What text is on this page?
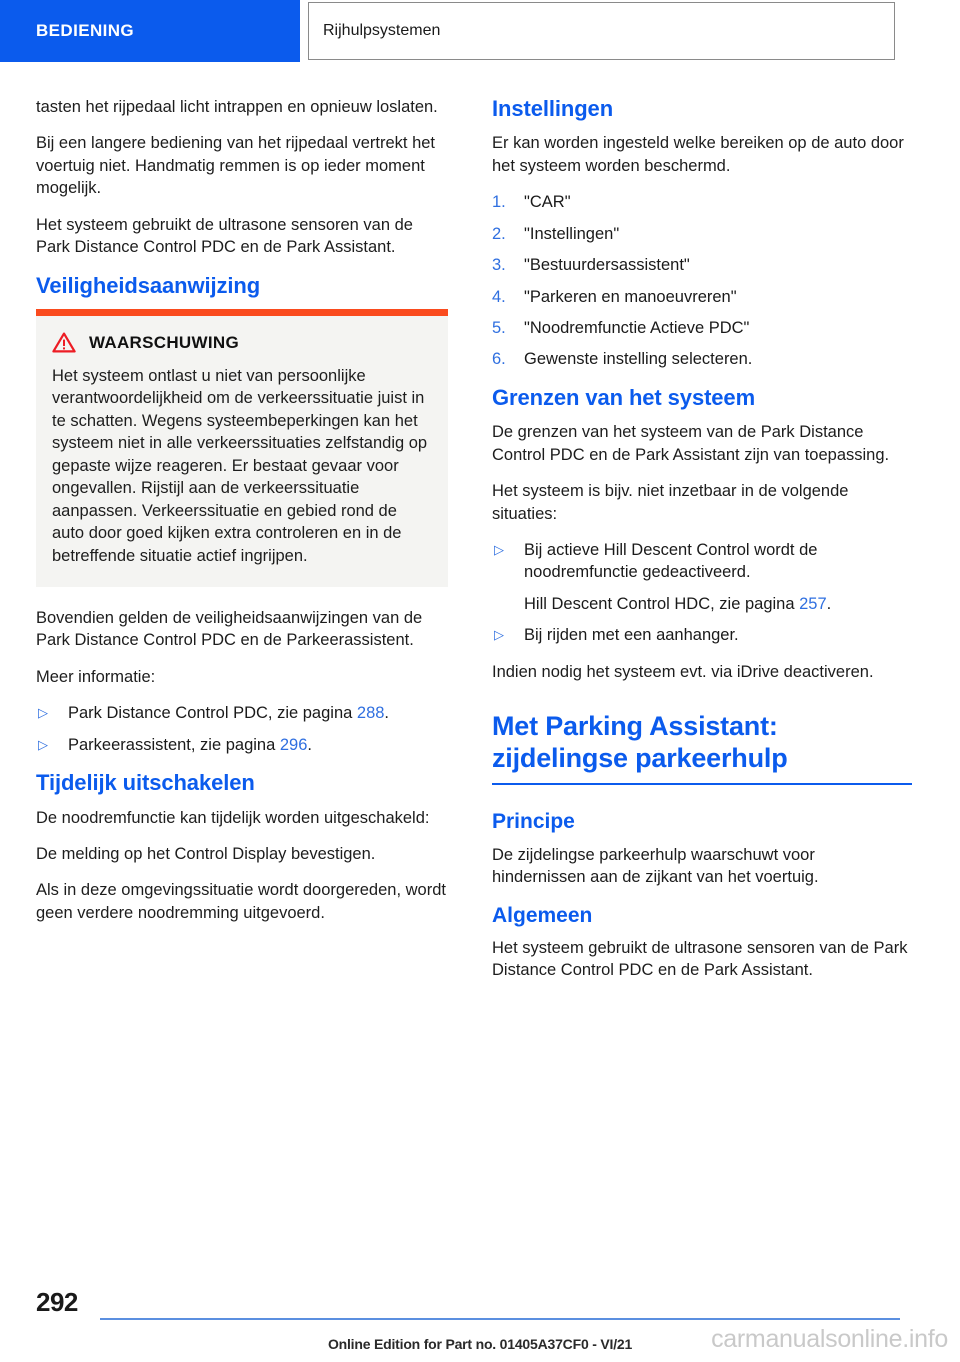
BEDIENING	Rijhulpsystemen

tasten het rijpedaal licht intrappen en opnieuw loslaten.

Bij een langere bediening van het rijpedaal vertrekt het voertuig niet. Handmatig remmen is op ieder moment mogelijk.

Het systeem gebruikt de ultrasone sensoren van de Park Distance Control PDC en de Park Assistant.

Veiligheidsaanwijzing
WAARSCHUWING

Het systeem ontlast u niet van persoonlijke verantwoordelijkheid om de verkeerssituatie juist in te schatten. Wegens systeembeperkingen kan het systeem niet in alle verkeerssituaties zelfstandig op gepaste wijze reageren. Er bestaat gevaar voor ongevallen. Rijstijl aan de verkeerssituatie aanpassen. Verkeerssituatie en gebied rond de auto door goed kijken extra controleren en in de betreffende situatie actief ingrijpen.

Bovendien gelden de veiligheidsaanwijzingen van de Park Distance Control PDC en de Parkeerassistent.

Meer informatie:

▷	Park Distance Control PDC, zie pagina 288.
▷	Parkeerassistent, zie pagina 296.
Tijdelijk uitschakelen

De noodremfunctie kan tijdelijk worden uitgeschakeld:

De melding op het Control Display bevestigen.

Als in deze omgevingssituatie wordt doorgereden, wordt geen verdere noodremming uitgevoerd.

Instellingen

Er kan worden ingesteld welke bereiken op de auto door het systeem worden beschermd.

1.	"CAR"
2.	"Instellingen"
3.	"Bestuurdersassistent"
4.	"Parkeren en manoeuvreren"
5.	"Noodremfunctie Actieve PDC"
6.	Gewenste instelling selecteren.
Grenzen van het systeem

De grenzen van het systeem van de Park Distance Control PDC en de Park Assistant zijn van toepassing.

Het systeem is bijv. niet inzetbaar in de volgende situaties:

▷	Bij actieve Hill Descent Control wordt de noodremfunctie gedeactiveerd.
Hill Descent Control HDC, zie pagina 257.
▷	Bij rijden met een aanhanger.

Indien nodig het systeem evt. via iDrive deactiveren.

Met Parking Assistant: zijdelingse parkeerhulp
Principe

De zijdelingse parkeerhulp waarschuwt voor hindernissen aan de zijkant van het voertuig.

Algemeen

Het systeem gebruikt de ultrasone sensoren van de Park Distance Control PDC en de Park Assistant.

292
Online Edition for Part no. 01405A37CF0 - VI/21	carmanualsonline.info
